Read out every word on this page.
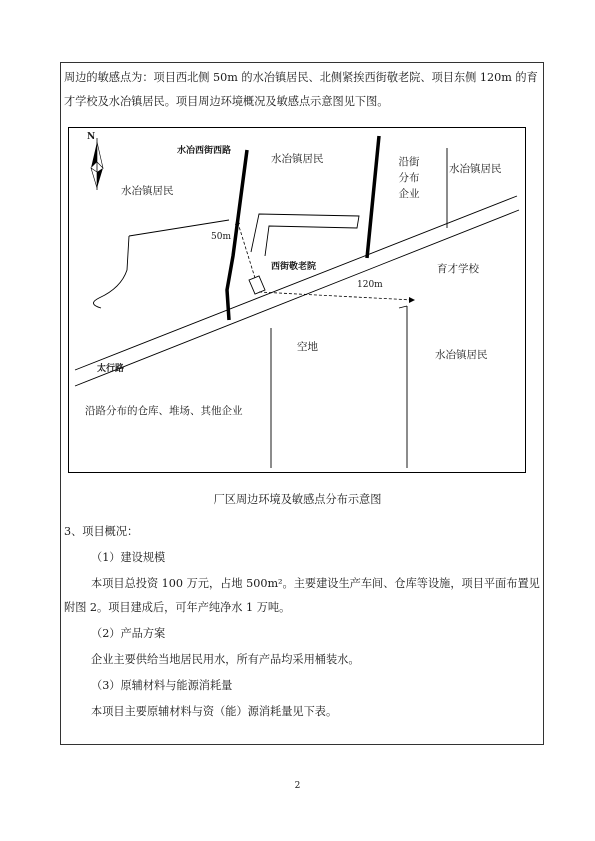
周边的敏感点为：项目西北侧 50m 的水冶镇居民、北侧紧挨西街敬老院、项目东侧 120m 的育
才学校及水冶镇居民。项目周边环境概况及敏感点示意图见下图。
N
水冶西街西路
水冶镇居民
水冶镇居民
沿街分布企业
水冶镇居民
50m
西街敬老院
120m
育才学校
空地
水冶镇居民
太行路
沿路分布的仓库、堆场、其他企业
厂区周边环境及敏感点分布示意图
3、项目概况：
（1）建设规模
本项目总投资 100 万元，占地 500m²。主要建设生产车间、仓库等设施，项目平面布置见
附图 2。项目建成后，可年产纯净水 1 万吨。
（2）产品方案
企业主要供给当地居民用水，所有产品均采用桶装水。
（3）原辅材料与能源消耗量
本项目主要原辅材料与资（能）源消耗量见下表。
2
